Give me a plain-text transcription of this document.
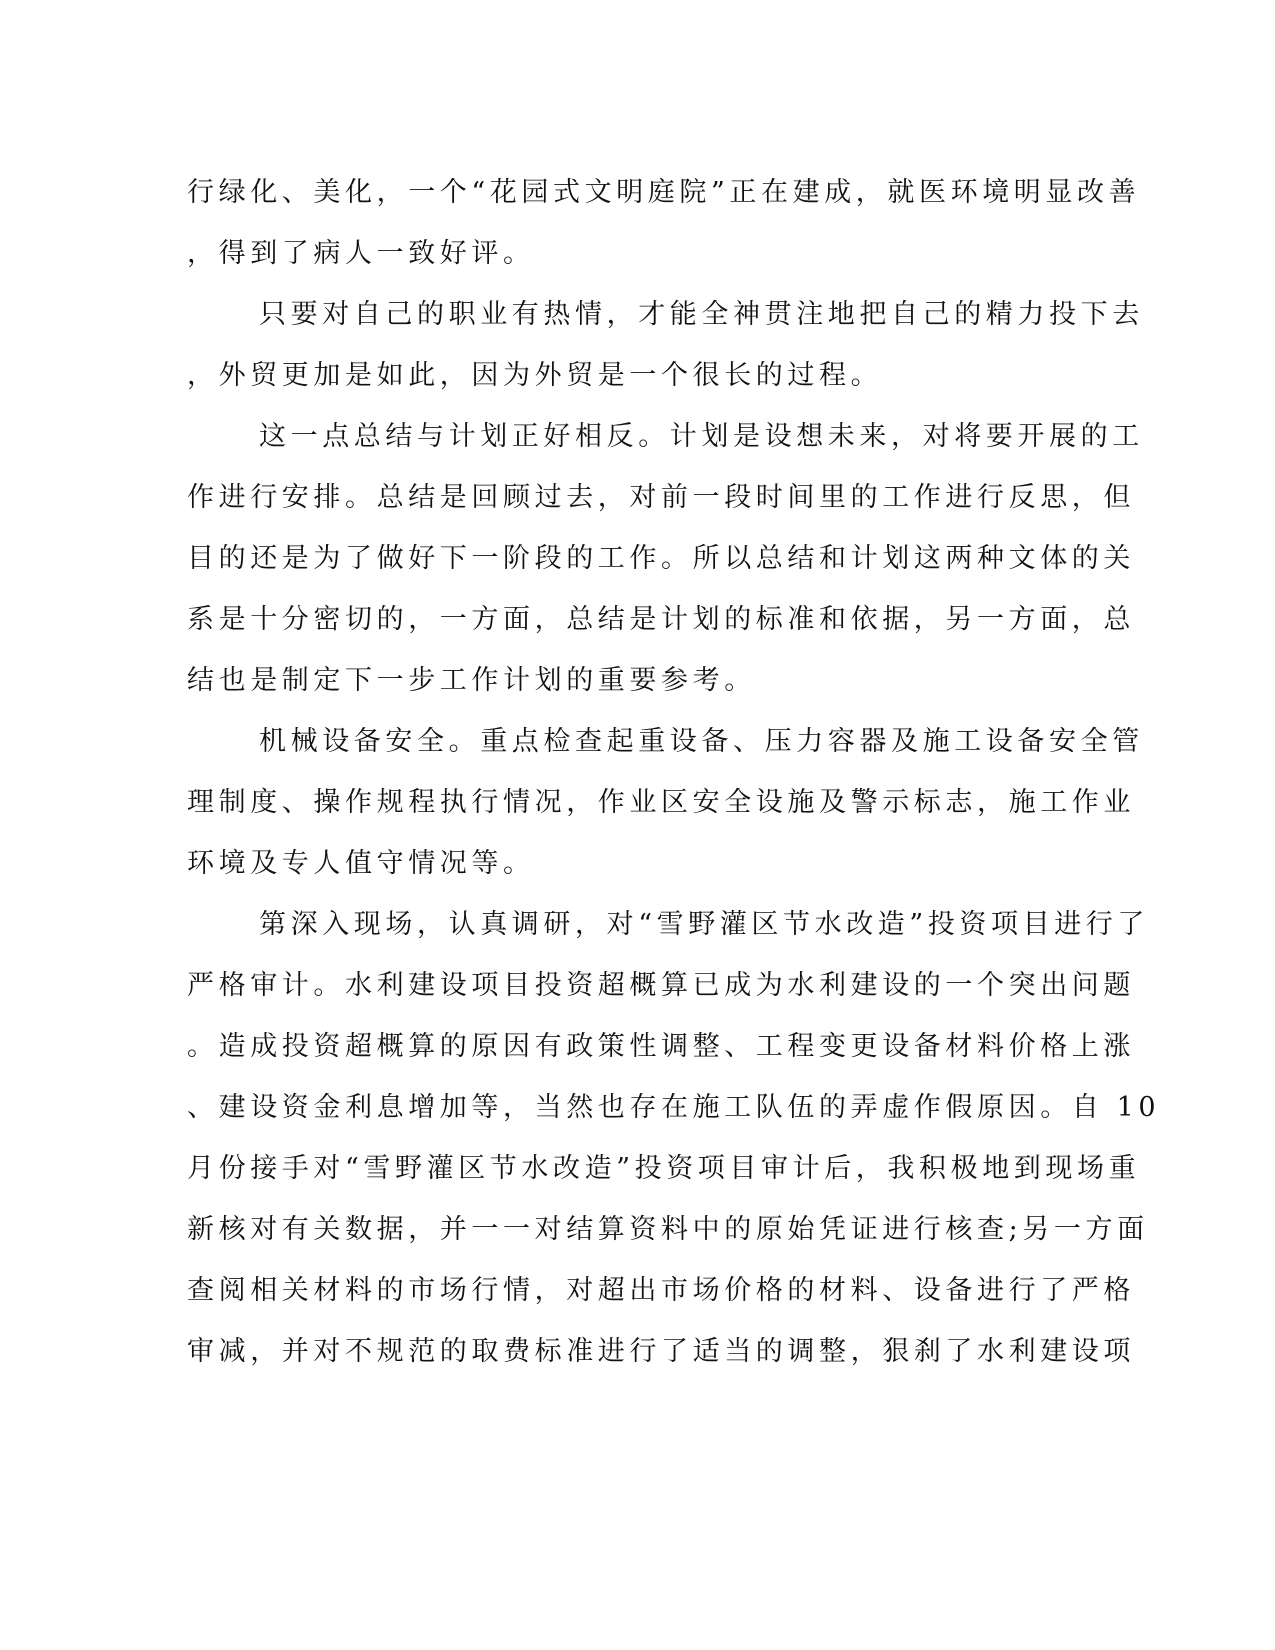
行绿化、美化，一个“花园式文明庭院”正在建成，就医环境明显改善
，得到了病人一致好评。
只要对自己的职业有热情，才能全神贯注地把自己的精力投下去
，外贸更加是如此，因为外贸是一个很长的过程。
这一点总结与计划正好相反。计划是设想未来，对将要开展的工
作进行安排。总结是回顾过去，对前一段时间里的工作进行反思，但
目的还是为了做好下一阶段的工作。所以总结和计划这两种文体的关
系是十分密切的，一方面，总结是计划的标准和依据，另一方面，总
结也是制定下一步工作计划的重要参考。
机械设备安全。重点检查起重设备、压力容器及施工设备安全管
理制度、操作规程执行情况，作业区安全设施及警示标志，施工作业
环境及专人值守情况等。
第深入现场，认真调研，对“雪野灌区节水改造”投资项目进行了
严格审计。水利建设项目投资超概算已成为水利建设的一个突出问题
。造成投资超概算的原因有政策性调整、工程变更设备材料价格上涨
、建设资金利息增加等，当然也存在施工队伍的弄虚作假原因。自 10
月份接手对“雪野灌区节水改造”投资项目审计后，我积极地到现场重
新核对有关数据，并一一对结算资料中的原始凭证进行核查;另一方面
查阅相关材料的市场行情，对超出市场价格的材料、设备进行了严格
审减，并对不规范的取费标准进行了适当的调整，狠刹了水利建设项
